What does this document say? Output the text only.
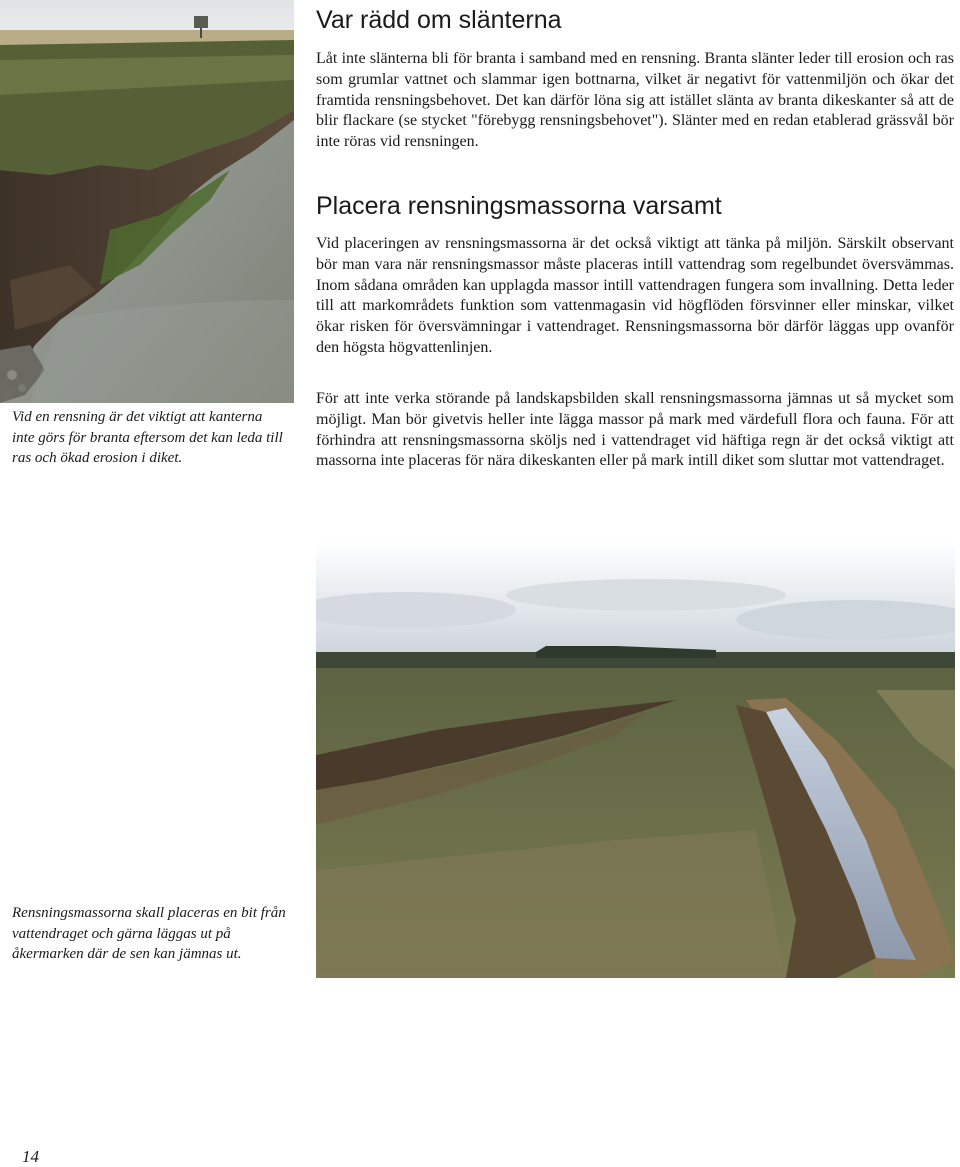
Vid en rensning är det viktigt att kanterna inte görs för branta eftersom det kan leda till ras och ökad erosion i diket.

Var rädd om slänterna

Låt inte slänterna bli för branta i samband med en rensning. Branta slänter leder till erosion och ras som grumlar vattnet och slammar igen bottnarna, vilket är negativt för vattenmiljön och ökar det framtida rensningsbehovet. Det kan därför löna sig att istället slänta av branta dikeskanter så att de blir flackare (se stycket "förebygg rensningsbehovet"). Slänter med en redan etablerad grässvål bör inte röras vid rensningen.

Placera rensningsmassorna varsamt

Vid placeringen av rensningsmassorna är det också viktigt att tänka på miljön. Särskilt observant bör man vara när rensningsmassor måste placeras intill vattendrag som regelbundet översvämmas. Inom sådana områden kan upplagda massor intill vattendragen fungera som invallning. Detta leder till att markområdets funktion som vattenmagasin vid högflöden försvinner eller minskar, vilket ökar risken för översvämningar i vattendraget. Rensningsmassorna bör därför läggas upp ovanför den högsta högvattenlinjen.

För att inte verka störande på landskapsbilden skall rensningsmassorna jämnas ut så mycket som möjligt. Man bör givetvis heller inte lägga massor på mark med värdefull flora och fauna. För att förhindra att rensningsmassorna sköljs ned i vattendraget vid häftiga regn är det också viktigt att massorna inte placeras för nära dikeskanten eller på mark intill diket som sluttar mot vattendraget.

Rensningsmassorna skall placeras en bit från vattendraget och gärna läggas ut på åkermarken där de sen kan jämnas ut.

14
